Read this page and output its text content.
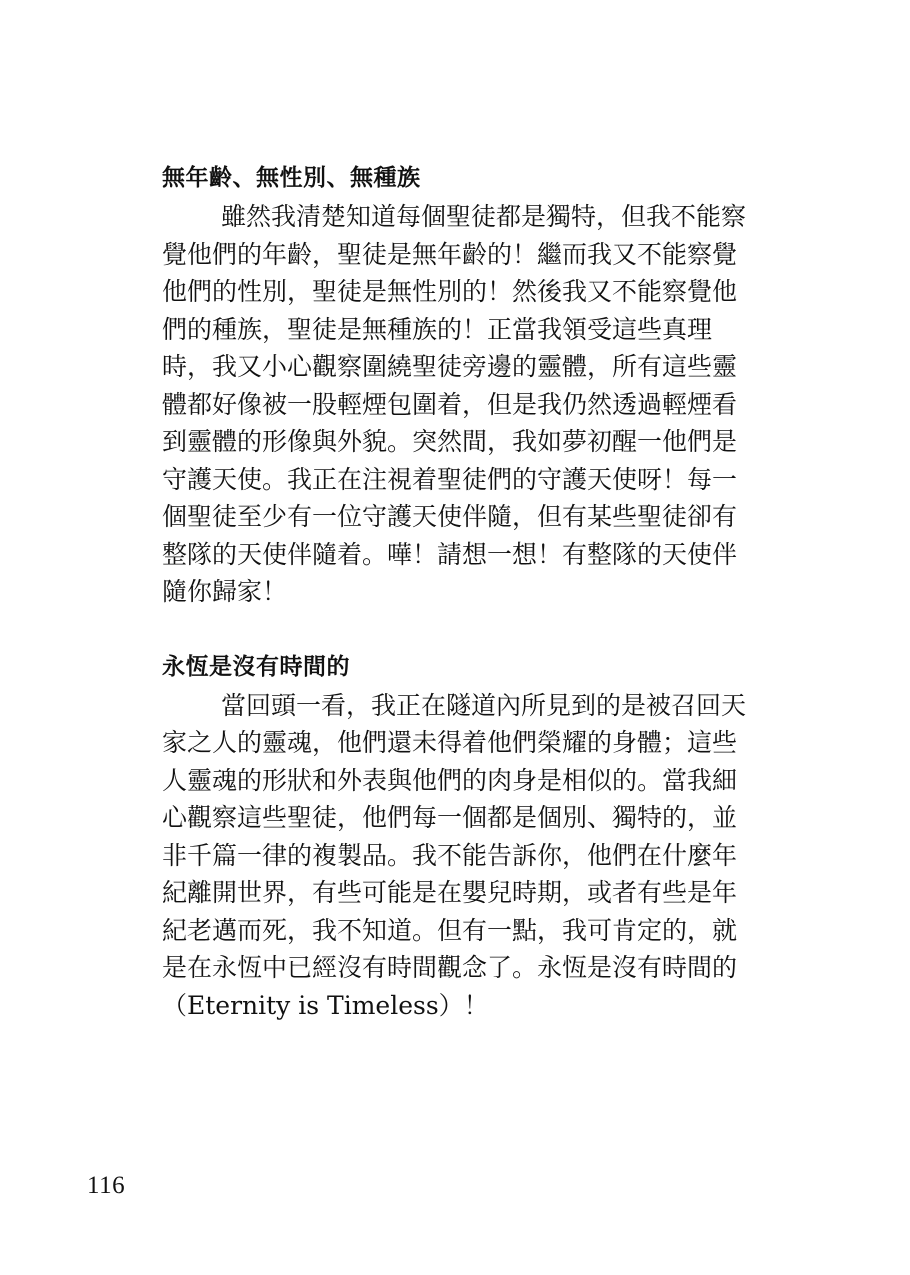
無年齡、無性別、無種族
雖然我清楚知道每個聖徒都是獨特，但我不能察
覺他們的年齡，聖徒是無年齡的！繼而我又不能察覺
他們的性別，聖徒是無性別的！然後我又不能察覺他
們的種族，聖徒是無種族的！正當我領受這些真理
時，我又小心觀察圍繞聖徒旁邊的靈體，所有這些靈
體都好像被一股輕煙包圍着，但是我仍然透過輕煙看
到靈體的形像與外貌。突然間，我如夢初醒一他們是
守護天使。我正在注視着聖徒們的守護天使呀！每一
個聖徒至少有一位守護天使伴隨，但有某些聖徒卻有
整隊的天使伴隨着。嘩！請想一想！有整隊的天使伴
隨你歸家！
永恆是沒有時間的
當回頭一看，我正在隧道內所見到的是被召回天
家之人的靈魂，他們還未得着他們榮耀的身體；這些
人靈魂的形狀和外表與他們的肉身是相似的。當我細
心觀察這些聖徒，他們每一個都是個別、獨特的，並
非千篇一律的複製品。我不能告訴你，他們在什麼年
紀離開世界，有些可能是在嬰兒時期，或者有些是年
紀老邁而死，我不知道。但有一點，我可肯定的，就
是在永恆中已經沒有時間觀念了。永恆是沒有時間的
（Eternity is Timeless）！
116
